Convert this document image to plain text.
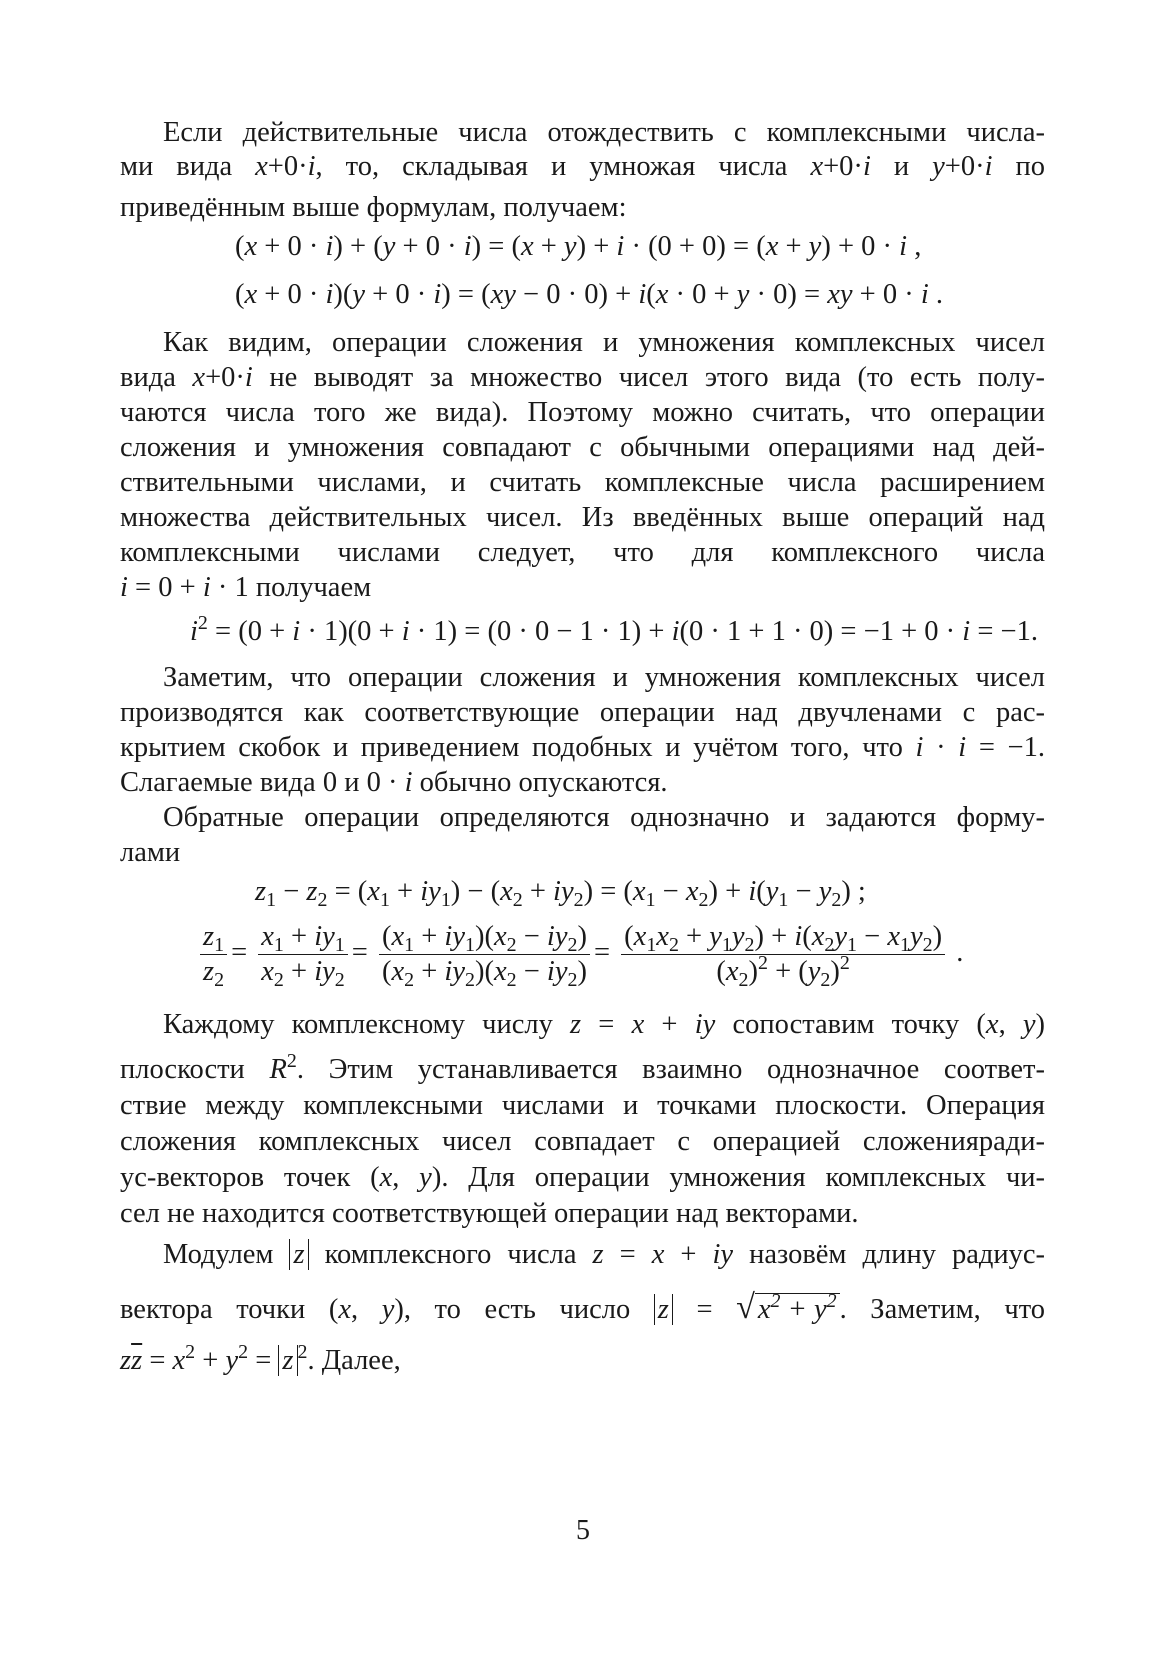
Если действительные числа отождествить с комплексными числа-
ми вида x+0·i, то, складывая и умножая числа x+0·i и y+0·i по
приведённым выше формулам, получаем:
(x + 0 · i) + (y + 0 · i) = (x + y) + i · (0 + 0) = (x + y) + 0 · i ,
(x + 0 · i)(y + 0 · i) = (xy − 0 · 0) + i(x · 0 + y · 0) = xy + 0 · i .
Как видим, операции сложения и умножения комплексных чисел
вида x+0·i не выводят за множество чисел этого вида (то есть полу-
чаются числа того же вида). Поэтому можно считать, что операции
сложения и умножения совпадают с обычными операциями над дей-
ствительными числами, и считать комплексные числа расширением
множества действительных чисел. Из введённых выше операций над
комплексными числами следует, что для комплексного числа
i = 0 + i · 1 получаем
$i^2 = (0 + i \cdot 1)(0 + i \cdot 1) = (0 \cdot 0 - 1 \cdot 1) + i(0 \cdot 1 + 1 \cdot 0) = -1 + 0 \cdot i = -1$.
Заметим, что операции сложения и умножения комплексных чисел
производятся как соответствующие операции над двучленами с рас-
крытием скобок и приведением подобных и учётом того, что i · i = −1.
Слагаемые вида 0 и 0 · i обычно опускаются.
Обратные операции определяются однозначно и задаются форму-
лами
$z_1 - z_2 = (x_1 + iy_1) - (x_2 + iy_2) = (x_1 - x_2) + i(y_1 - y_2)$ ;
$\frac{z_1}{z_2} = \frac{x_1 + iy_1}{x_2 + iy_2} = \frac{(x_1 + iy_1)(x_2 - iy_2)}{(x_2 + iy_2)(x_2 - iy_2)} = \frac{(x_1x_2 + y_1y_2) + i(x_2y_1 - x_1y_2)}{(x_2)^2 + (y_2)^2}$ .
Каждому комплексному числу z = x + iy сопоставим точку (x, y)
плоскости $R^2$. Этим устанавливается взаимно однозначное соответ-
ствие между комплексными числами и точками плоскости. Операция
сложения комплексных чисел совпадает с операцией сложенияради-
ус-векторов точек (x, y). Для операции умножения комплексных чи-
сел не находится соответствующей операции над векторами.
Модулем z комплексного числа z = x + iy назовём длину радиус-
вектора точки (x, y), то есть число z = √ $x^2 + y^2$ . Заметим, что
$z\overline{z} = x^2 + y^2 = z$ $^2$. Далее,
5
